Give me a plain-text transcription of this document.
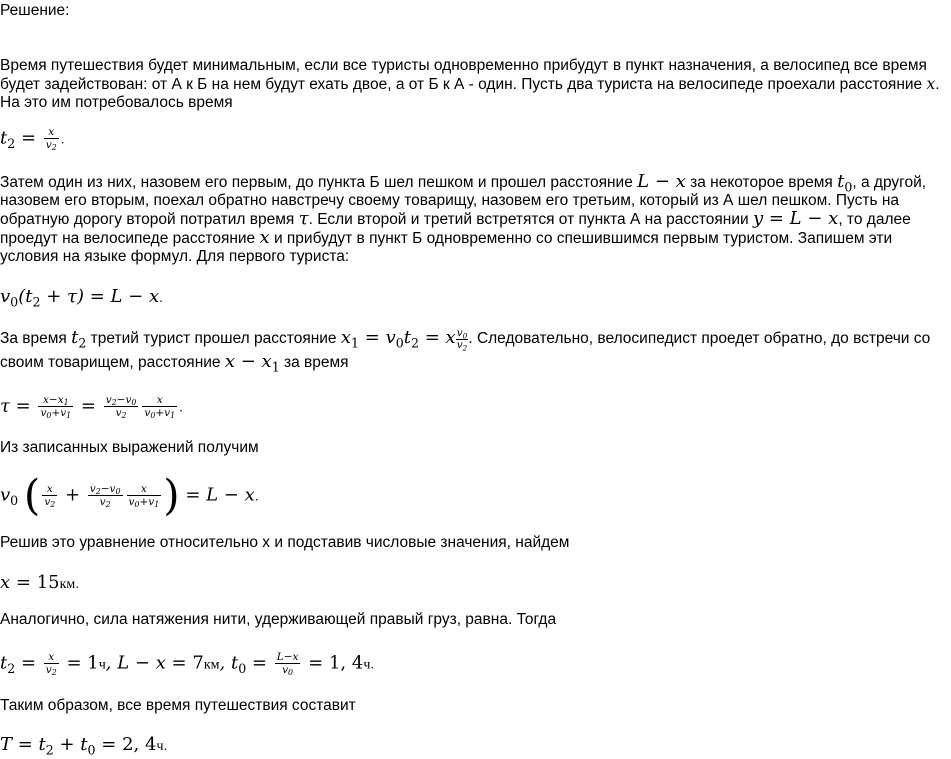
Решение:
Время путешествия будет минимальным, если все туристы одновременно прибудут в пункт назначения, а велосипед все время будет задействован: от А к Б на нем будут ехать двое, а от Б к А - один. Пусть два туриста на велосипеде проехали расстояние x. На это им потребовалось время
$t_2 = \frac{x}{v_2}$ .
Затем один из них, назовем его первым, до пункта Б шел пешком и прошел расстояние L − x за некоторое время $t_0$, а другой, назовем его вторым, поехал обратно навстречу своему товарищу, назовем его третьим, который из А шел пешком. Пусть на обратную дорогу второй потратил время τ. Если второй и третий встретятся от пункта А на расстоянии y = L − x, то далее проедут на велосипеде расстояние x и прибудут в пункт Б одновременно со спешившимся первым туристом. Запишем эти условия на языке формул. Для первого туриста:
$v_0(t_2 + \tau) = L - x$.
За время $t_2$ третий турист прошел расстояние $x_1 = v_0t_2 = x \frac{v_0}{v_2}$ . Следовательно, велосипедист проедет обратно, до встречи со своим товарищем, расстояние $x - x_1$ за время
$\tau = \frac{x-x_1}{v_0+v_1} = \frac{v_2-v_0}{v_2} \frac{x}{v_0+v_1}$ .
Из записанных выражений получим
$v_0$ ( $\frac{x}{v_2} + \frac{v_2-v_0}{v_2} \frac{x}{v_0+v_1}$ ) = L − x.
Решив это уравнение относительно х и подставив числовые значения, найдем
x = 15км.
Аналогично, сила натяжения нити, удерживающей правый груз, равна. Тогда
$t_2 = \frac{x}{v_2} = 1ч$, L − x = 7км, $t_0 = \frac{L-x}{v_0} = 1$, 4ч.
Таким образом, все время путешествия составит
$T = t_2 + t_0 = 2$, 4ч.
